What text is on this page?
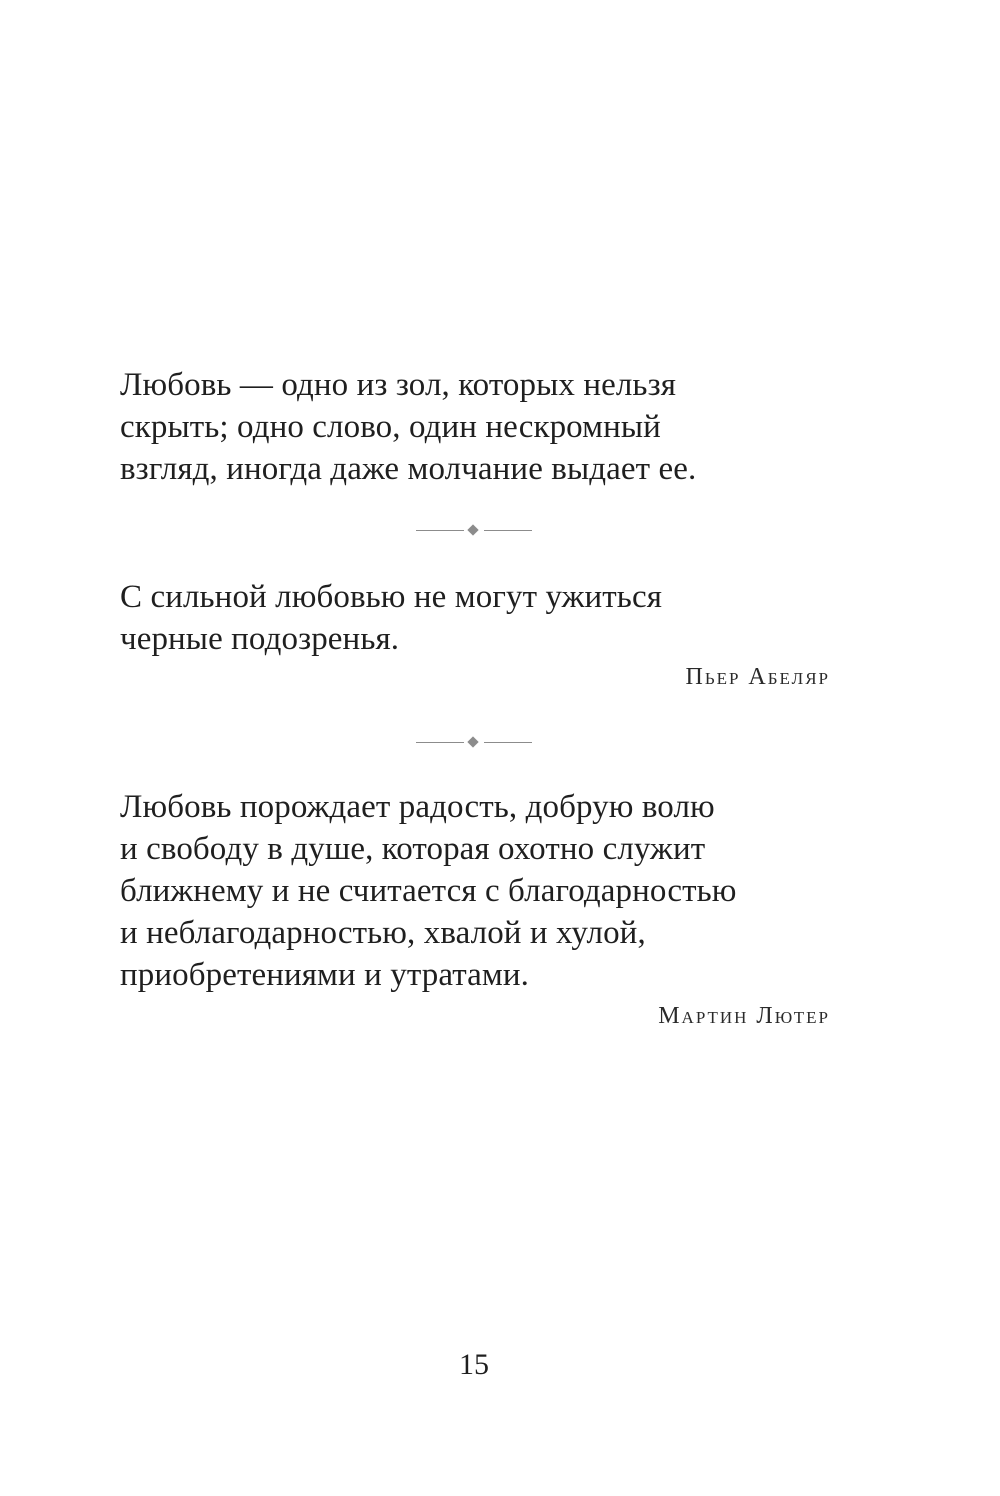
Любовь — одно из зол, которых нельзя
скрыть; одно слово, один нескромный
взгляд, иногда даже молчание выдает ее.
С сильной любовью не могут ужиться
черные подозренья.
Пьер Абеляр
Любовь порождает радость, добрую волю
и свободу в душе, которая охотно служит
ближнему и не считается с благодарностью
и неблагодарностью, хвалой и хулой,
приобретениями и утратами.
Мартин Лютер
15
